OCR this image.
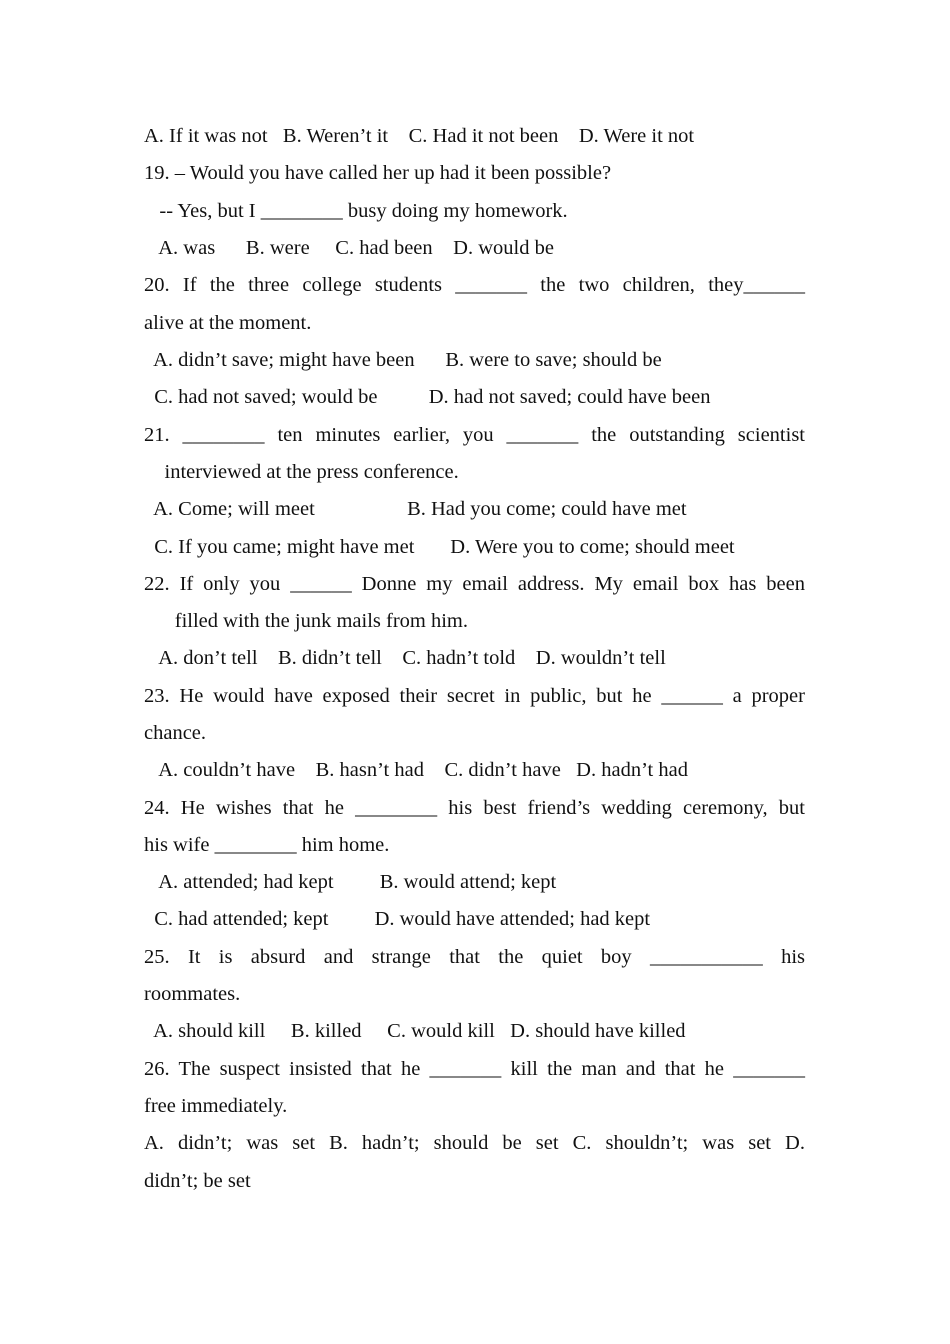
A. If it was not   B. Weren’t it    C. Had it not been    D. Were it not

19. – Would you have called her up had it been possible?

-- Yes, but I ________ busy doing my homework.

A. was      B. were     C. had been    D. would be

20. If the three college students _______ the two children, they______

alive at the moment.

A. didn’t save; might have been      B. were to save; should be

C. had not saved; would be          D. had not saved; could have been

21. ________ ten minutes earlier, you _______ the outstanding scientist

interviewed at the press conference.

A. Come; will meet                  B. Had you come; could have met

C. If you came; might have met       D. Were you to come; should meet

22. If only you ______ Donne my email address. My email box has been

filled with the junk mails from him.

A. don’t tell    B. didn’t tell    C. hadn’t told    D. wouldn’t tell

23. He would have exposed their secret in public, but he ______ a proper

chance.

A. couldn’t have    B. hasn’t had    C. didn’t have   D. hadn’t had

24. He wishes that he ________ his best friend’s wedding ceremony, but

his wife ________ him home.

A. attended; had kept         B. would attend; kept

C. had attended; kept         D. would have attended; had kept

25. It is absurd and strange that the quiet boy ___________ his

roommates.

A. should kill     B. killed     C. would kill   D. should have killed

26. The suspect insisted that he _______ kill the man and that he _______

free immediately.

A. didn’t; was set B. hadn’t; should be set C. shouldn’t; was set D.

didn’t; be set
